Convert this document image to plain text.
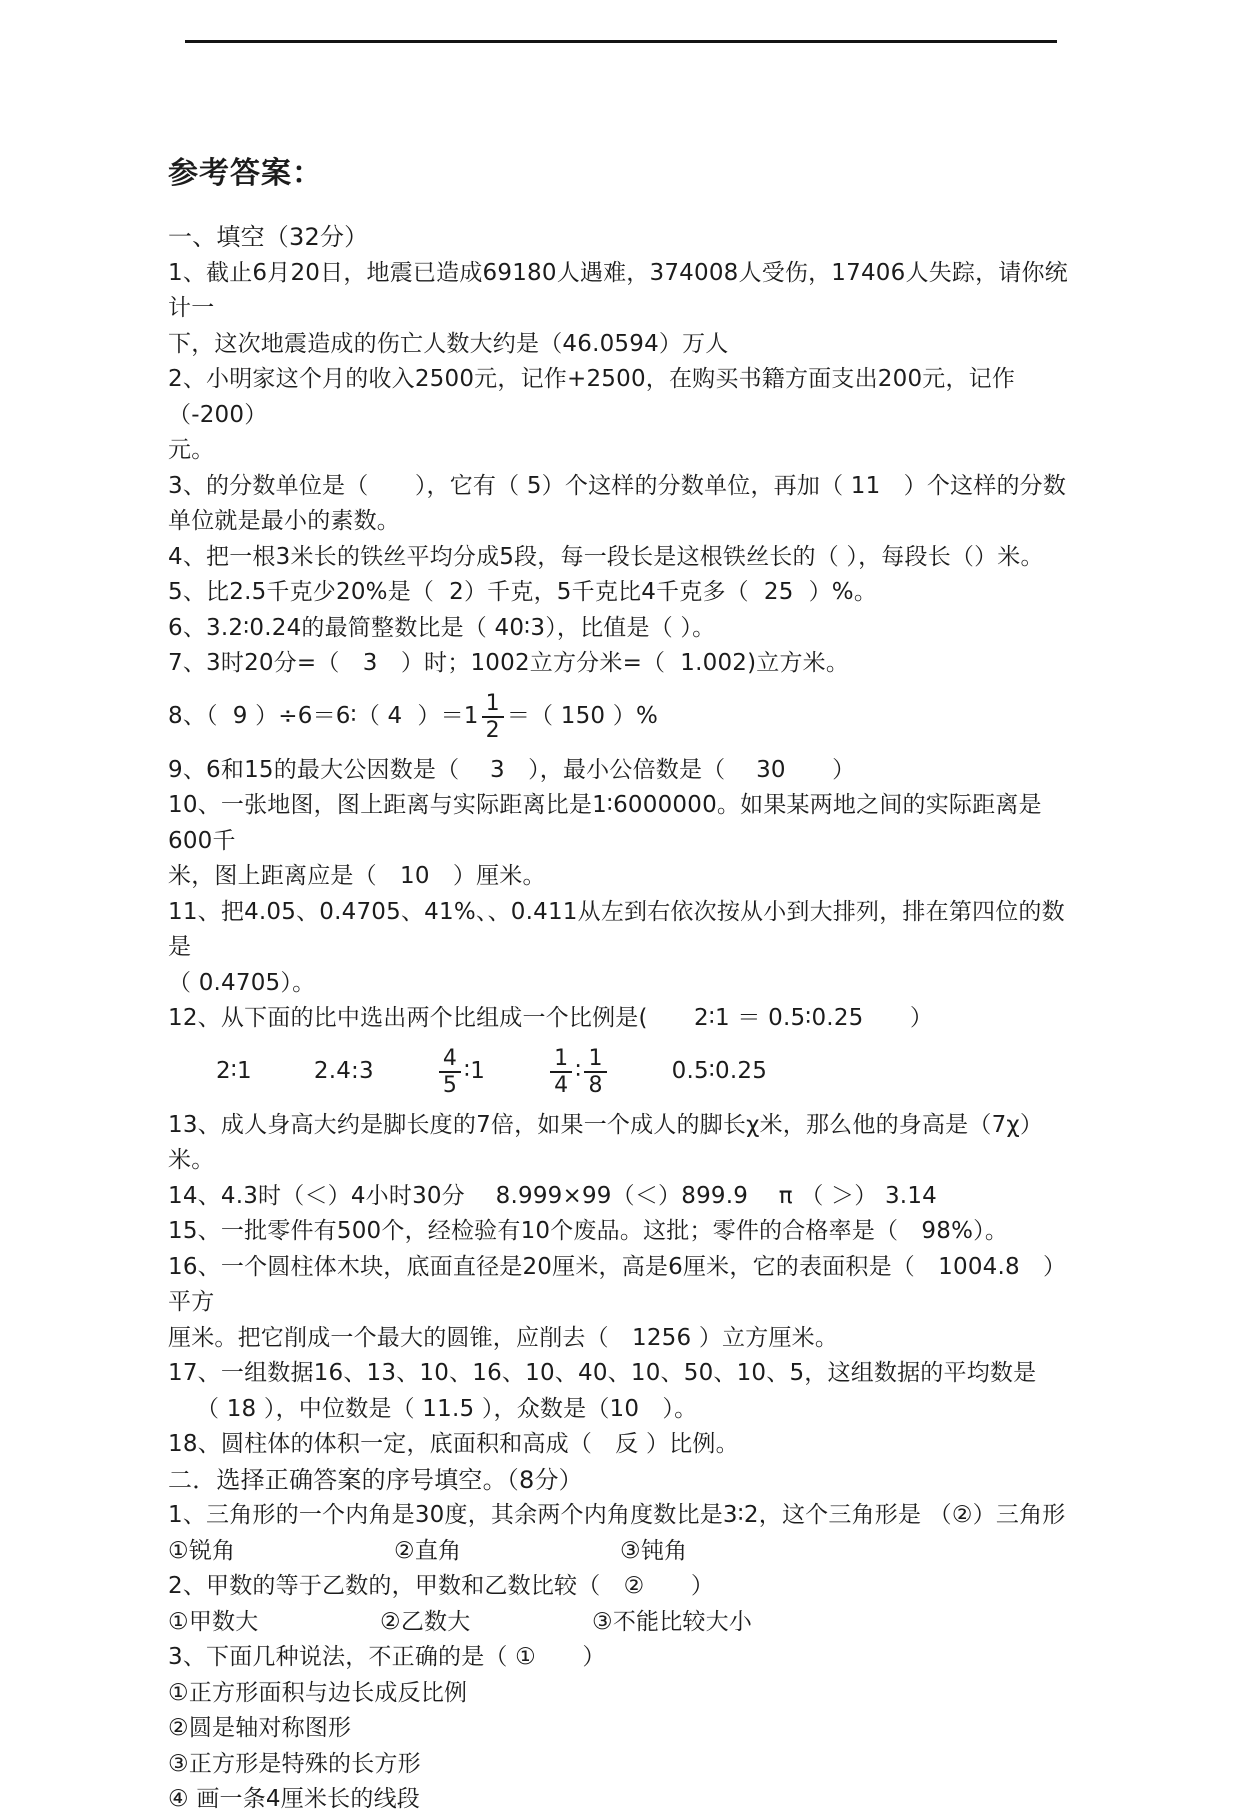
参考答案：

一、填空（32分）

1、截止6月20日，地震已造成69180人遇难，374008人受伤，17406人失踪，请你统计一

下，这次地震造成的伤亡人数大约是（46.0594）万人

2、小明家这个月的收入2500元，记作+2500，在购买书籍方面支出200元，记作（-200）

元。

3、的分数单位是（　　），它有（ 5）个这样的分数单位，再加（ 11　）个这样的分数

单位就是最小的素数。

4、把一根3米长的铁丝平均分成5段，每一段长是这根铁丝长的（ ），每段长（）米。

5、比2.5千克少20%是（  2）千克，5千克比4千克多（  25  ）%。

6、3.2∶0.24的最简整数比是（ 40∶3），比值是（ ）。

7、3时20分=（　3　）时；1002立方分米=（  1.002)立方米。

8、（  9 ）÷6＝6∶（ 4  ）$=1 \frac{1}{2}$ ＝（ 150 ）%

9、6和15的最大公因数是（　 3　），最小公倍数是（　 30　　）

10、一张地图，图上距离与实际距离比是1∶6000000。如果某两地之间的实际距离是600千

米，图上距离应是（　10　）厘米。

11、把4.05、0.4705、41%、、0.411从左到右依次按从小到大排列，排在第四位的数是

（ 0.4705）。

12、从下面的比中选出两个比组成一个比例是(　　2∶1 ＝ 0.5∶0.25　　）

2∶1	2.4:3	$\frac{4}{5}$ ∶1	$\frac{1}{4}$ ∶ $\frac{1}{8}$	0.5∶0.25

13、成人身高大约是脚长度的7倍，如果一个成人的脚长χ米，那么他的身高是（7χ）米。

14、4.3时（＜）4小时30分　 8.999×99（＜）899.9　 π （ ＞） 3.14

15、一批零件有500个，经检验有10个废品。这批；零件的合格率是（　98%）。

16、一个圆柱体木块，底面直径是20厘米，高是6厘米，它的表面积是（　1004.8　）平方

厘米。把它削成一个最大的圆锥，应削去（　1256 ）立方厘米。

17、一组数据16、13、10、16、10、40、10、50、10、5，这组数据的平均数是

（ 18 ），中位数是（ 11.5 ），众数是（10　）。

18、圆柱体的体积一定，底面积和高成（　反 ）比例。

二．选择正确答案的序号填空。（8分）

1、三角形的一个内角是30度，其余两个内角度数比是3∶2，这个三角形是 （②）三角形

①锐角	②直角	③钝角

2、甲数的等于乙数的，甲数和乙数比较（　②　　）

①甲数大	②乙数大	③不能比较大小

3、下面几种说法，不正确的是（ ①　　）

①正方形面积与边长成反比例

②圆是轴对称图形

③正方形是特殊的长方形

④ 画一条4厘米长的线段
